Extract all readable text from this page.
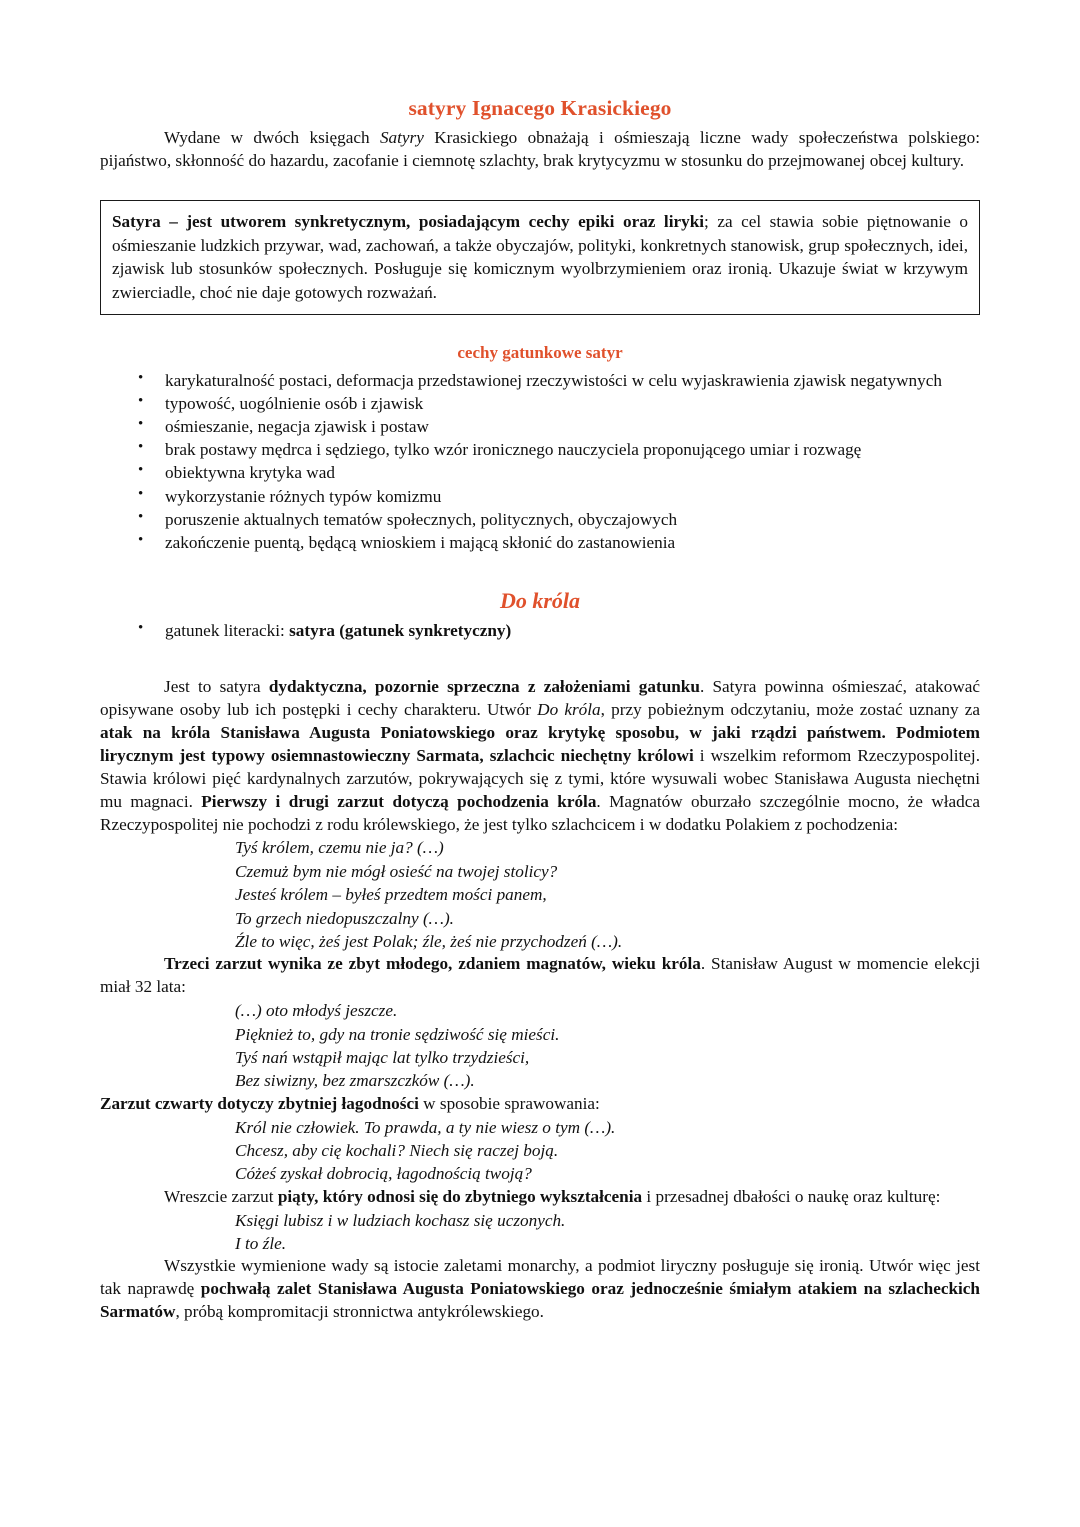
satyry Ignacego Krasickiego

Wydane w dwóch księgach Satyry Krasickiego obnażają i ośmieszają liczne wady społeczeństwa polskiego: pijaństwo, skłonność do hazardu, zacofanie i ciemnotę szlachty, brak krytycyzmu w stosunku do przejmowanej obcej kultury.

Satyra – jest utworem synkretycznym, posiadającym cechy epiki oraz liryki; za cel stawia sobie piętnowanie o ośmieszanie ludzkich przywar, wad, zachowań, a także obyczajów, polityki, konkretnych stanowisk, grup społecznych, idei, zjawisk lub stosunków społecznych. Posługuje się komicznym wyolbrzymieniem oraz ironią. Ukazuje świat w krzywym zwierciadle, choć nie daje gotowych rozważań.

cechy gatunkowe satyr
• karykaturalność postaci, deformacja przedstawionej rzeczywistości w celu wyjaskrawienia zjawisk negatywnych
• typowość, uogólnienie osób i zjawisk
• ośmieszanie, negacja zjawisk i postaw
• brak postawy mędrca i sędziego, tylko wzór ironicznego nauczyciela proponującego umiar i rozwagę
• obiektywna krytyka wad
• wykorzystanie różnych typów komizmu
• poruszenie aktualnych tematów społecznych, politycznych, obyczajowych
• zakończenie puentą, będącą wnioskiem i mającą skłonić do zastanowienia
Do króla
• gatunek literacki: satyra (gatunek synkretyczny)

Jest to satyra dydaktyczna, pozornie sprzeczna z założeniami gatunku. Satyra powinna ośmieszać, atakować opisywane osoby lub ich postępki i cechy charakteru. Utwór Do króla, przy pobieżnym odczytaniu, może zostać uznany za atak na króla Stanisława Augusta Poniatowskiego oraz krytykę sposobu, w jaki rządzi państwem. Podmiotem lirycznym jest typowy osiemnastowieczny Sarmata, szlachcic niechętny królowi i wszelkim reformom Rzeczypospolitej. Stawia królowi pięć kardynalnych zarzutów, pokrywających się z tymi, które wysuwali wobec Stanisława Augusta niechętni mu magnaci. Pierwszy i drugi zarzut dotyczą pochodzenia króla. Magnatów oburzało szczególnie mocno, że władca Rzeczypospolitej nie pochodzi z rodu królewskiego, że jest tylko szlachcicem i w dodatku Polakiem z pochodzenia:

Tyś królem, czemu nie ja? (…)
Czemuż bym nie mógł osieść na twojej stolicy?
Jesteś królem – byłeś przedtem mości panem,
To grzech niedopuszczalny (…).
Źle to więc, żeś jest Polak; źle, żeś nie przychodzeń (…).

Trzeci zarzut wynika ze zbyt młodego, zdaniem magnatów, wieku króla. Stanisław August w momencie elekcji miał 32 lata:

(…) oto młodyś jeszcze.
Pięknież to, gdy na tronie sędziwość się mieści.
Tyś nań wstąpił mając lat tylko trzydzieści,
Bez siwizny, bez zmarszczków (…).

Zarzut czwarty dotyczy zbytniej łagodności w sposobie sprawowania:

Król nie człowiek. To prawda, a ty nie wiesz o tym (…).
Chcesz, aby cię kochali? Niech się raczej boją.
Cóżeś zyskał dobrocią, łagodnością twoją?

Wreszcie zarzut piąty, który odnosi się do zbytniego wykształcenia i przesadnej dbałości o naukę oraz kulturę:

Księgi lubisz i w ludziach kochasz się uczonych.
I to źle.

Wszystkie wymienione wady są istocie zaletami monarchy, a podmiot liryczny posługuje się ironią. Utwór więc jest tak naprawdę pochwałą zalet Stanisława Augusta Poniatowskiego oraz jednocześnie śmiałym atakiem na szlacheckich Sarmatów, próbą kompromitacji stronnictwa antykrólewskiego.
